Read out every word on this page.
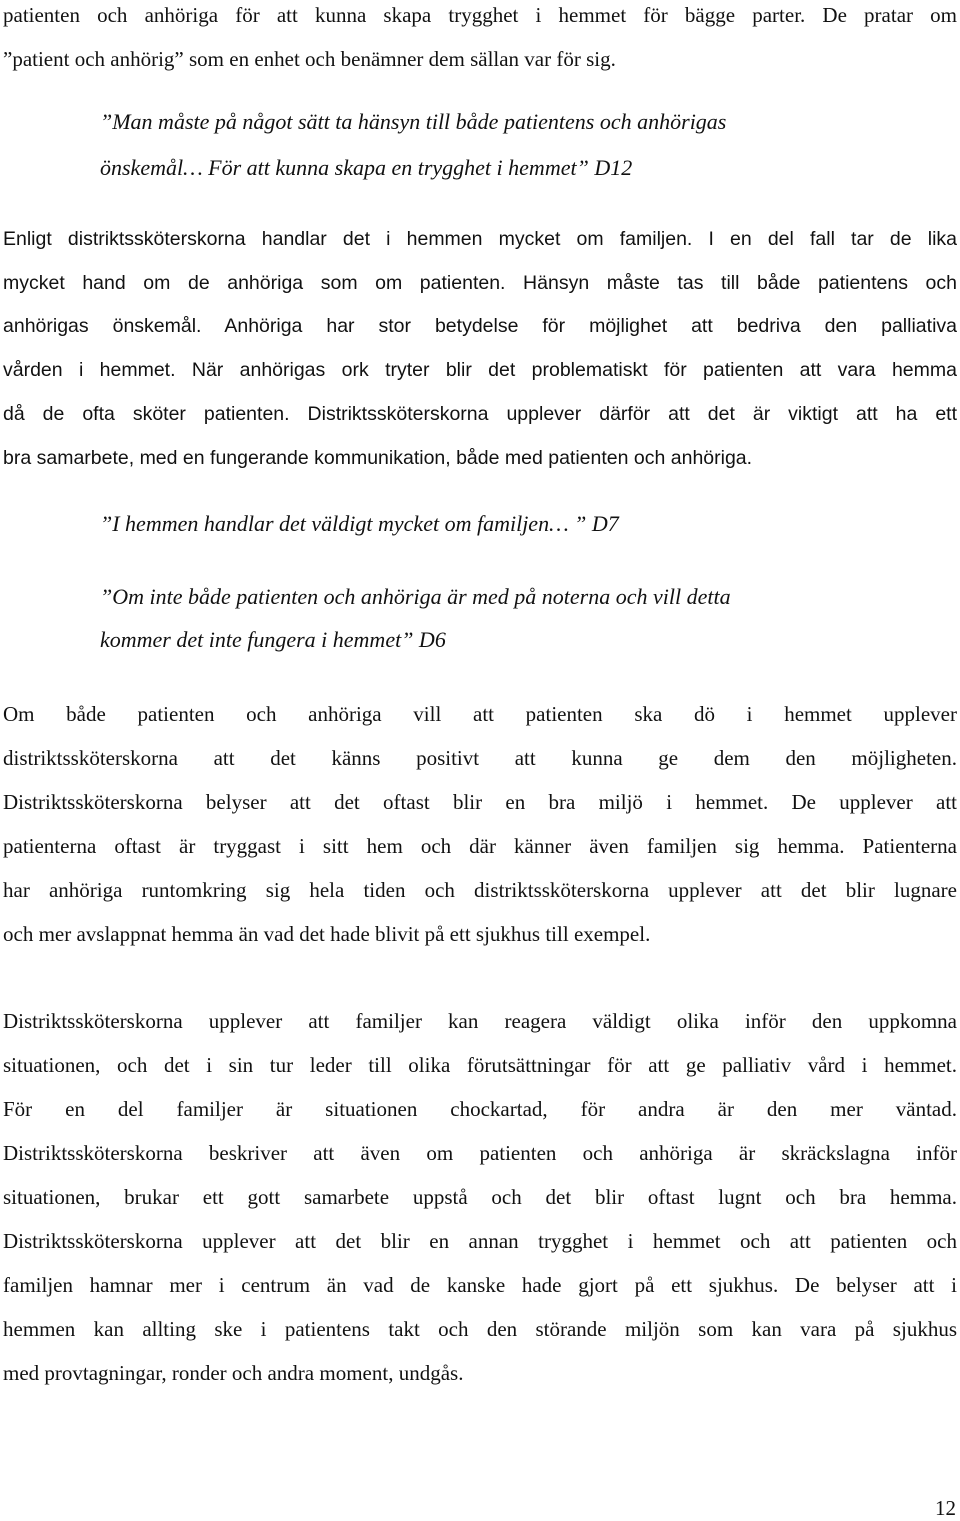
patienten och anhöriga för att kunna skapa trygghet i hemmet för bägge parter. De pratar om
”patient och anhörig” som en enhet och benämner dem sällan var för sig.
”Man måste på något sätt ta hänsyn till både patientens och anhörigas
önskemål… För att kunna skapa en trygghet i hemmet” D12
Enligt distriktssköterskorna handlar det i hemmen mycket om familjen. I en del fall tar de lika
mycket hand om de anhöriga som om patienten. Hänsyn måste tas till både patientens och
anhörigas önskemål. Anhöriga har stor betydelse för möjlighet att bedriva den palliativa
vården i hemmet. När anhörigas ork tryter blir det problematiskt för patienten att vara hemma
då de ofta sköter patienten. Distriktssköterskorna upplever därför att det är viktigt att ha ett
bra samarbete, med en fungerande kommunikation, både med patienten och anhöriga.
”I hemmen handlar det väldigt mycket om familjen… ” D7
”Om inte både patienten och anhöriga är med på noterna och vill detta
kommer det inte fungera i hemmet” D6
Om både patienten och anhöriga vill att patienten ska dö i hemmet upplever
distriktssköterskorna att det känns positivt att kunna ge dem den möjligheten.
Distriktssköterskorna belyser att det oftast blir en bra miljö i hemmet. De upplever att
patienterna oftast är tryggast i sitt hem och där känner även familjen sig hemma. Patienterna
har anhöriga runtomkring sig hela tiden och distriktssköterskorna upplever att det blir lugnare
och mer avslappnat hemma än vad det hade blivit på ett sjukhus till exempel.
Distriktssköterskorna upplever att familjer kan reagera väldigt olika inför den uppkomna
situationen, och det i sin tur leder till olika förutsättningar för att ge palliativ vård i hemmet.
För en del familjer är situationen chockartad, för andra är den mer väntad.
Distriktssköterskorna beskriver att även om patienten och anhöriga är skräckslagna inför
situationen, brukar ett gott samarbete uppstå och det blir oftast lugnt och bra hemma.
Distriktssköterskorna upplever att det blir en annan trygghet i hemmet och att patienten och
familjen hamnar mer i centrum än vad de kanske hade gjort på ett sjukhus. De belyser att i
hemmen kan allting ske i patientens takt och den störande miljön som kan vara på sjukhus
med provtagningar, ronder och andra moment, undgås.
12
